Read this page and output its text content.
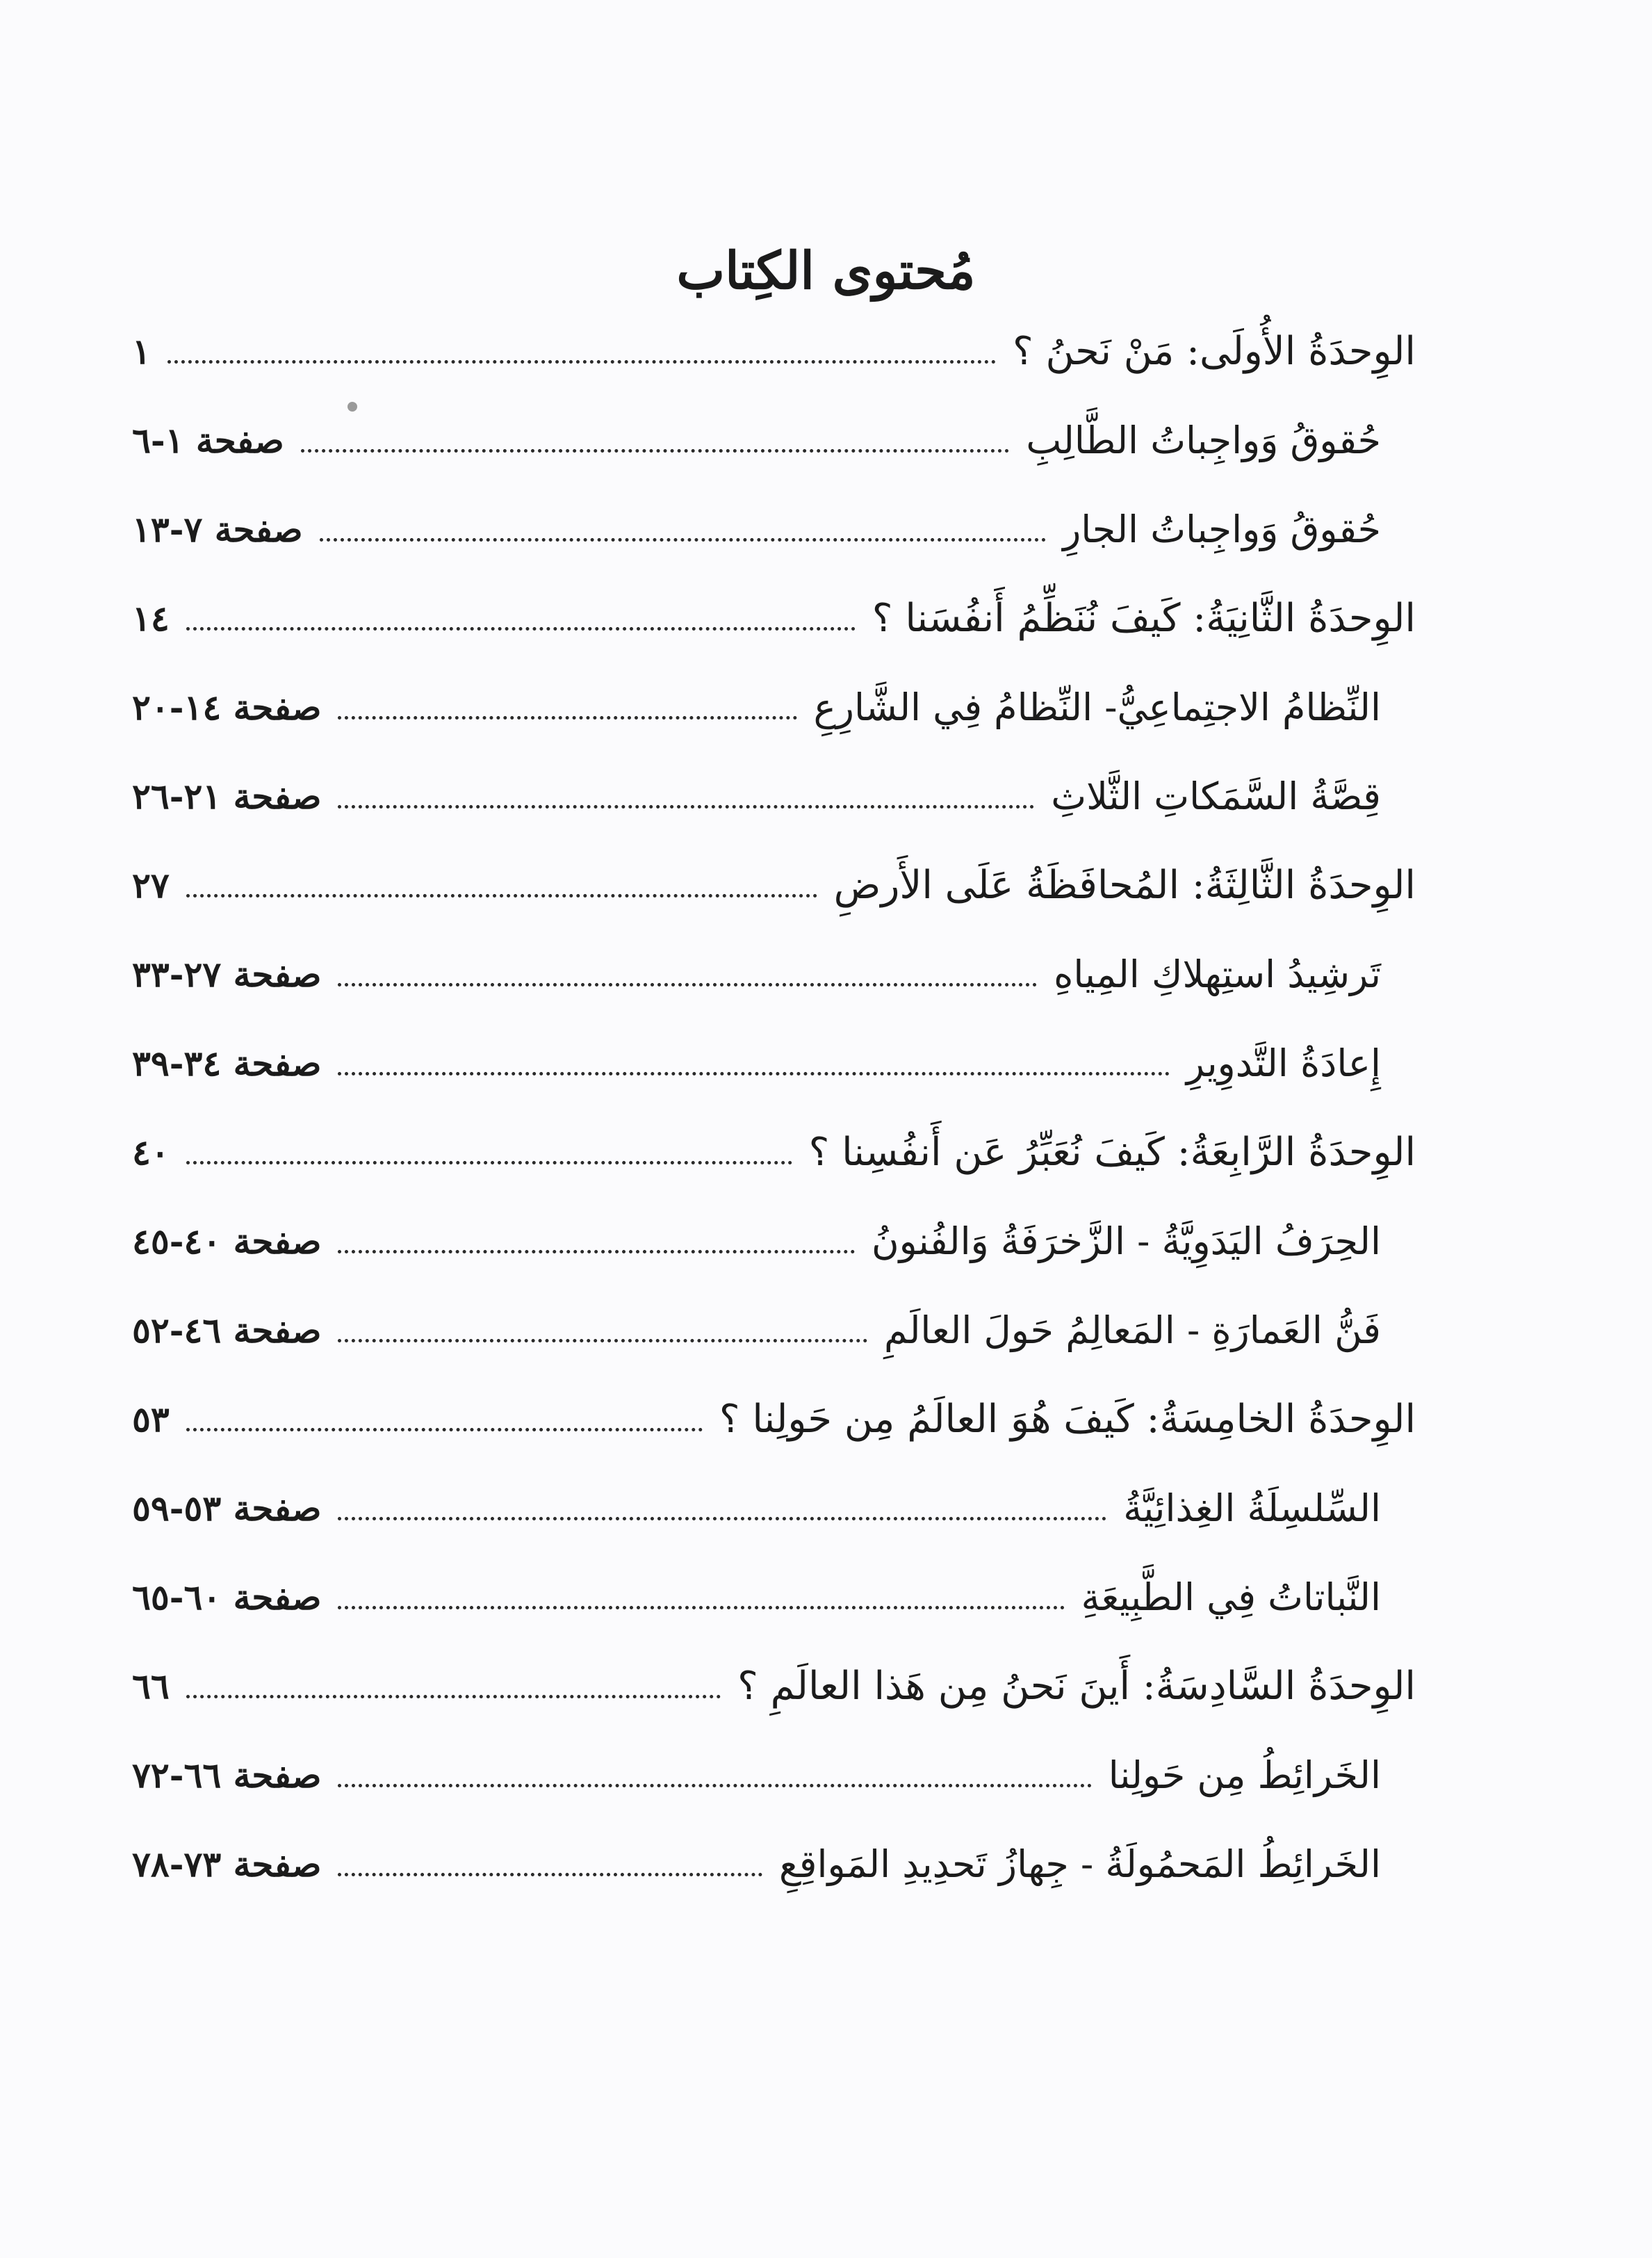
مُحتوى الكِتاب
الوِحدَةُ الأُولَى: مَنْ نَحنُ ؟
١
حُقوقُ وَواجِباتُ الطَّالِبِ
صفحة ١-٦
حُقوقُ وَواجِباتُ الجارِ
صفحة ٧-١٣
الوِحدَةُ الثَّانِيَةُ: كَيفَ نُنَظِّمُ أَنفُسَنا ؟
١٤
النِّظامُ الاجتِماعِيُّ- النِّظامُ فِي الشَّارِعِ
صفحة ١٤-٢٠
قِصَّةُ السَّمَكاتِ الثَّلاثِ
صفحة ٢١-٢٦
الوِحدَةُ الثَّالِثَةُ: المُحافَظَةُ عَلَى الأَرضِ
٢٧
تَرشِيدُ استِهلاكِ المِياهِ
صفحة ٢٧-٣٣
إِعادَةُ التَّدوِيرِ
صفحة ٣٤-٣٩
الوِحدَةُ الرَّابِعَةُ: كَيفَ نُعَبِّرُ عَن أَنفُسِنا ؟
٤٠
الحِرَفُ اليَدَوِيَّةُ - الزَّخرَفَةُ وَالفُنونُ
صفحة ٤٠-٤٥
فَنُّ العَمارَةِ - المَعالِمُ حَولَ العالَمِ
صفحة ٤٦-٥٢
الوِحدَةُ الخامِسَةُ: كَيفَ هُوَ العالَمُ مِن حَولِنا ؟
٥٣
السِّلسِلَةُ الغِذائِيَّةُ
صفحة ٥٣-٥٩
النَّباتاتُ فِي الطَّبِيعَةِ
صفحة ٦٠-٦٥
الوِحدَةُ السَّادِسَةُ: أَينَ نَحنُ مِن هَذا العالَمِ ؟
٦٦
الخَرائِطُ مِن حَولِنا
صفحة ٦٦-٧٢
الخَرائِطُ المَحمُولَةُ - جِهازُ تَحدِيدِ المَواقِعِ
صفحة ٧٣-٧٨
